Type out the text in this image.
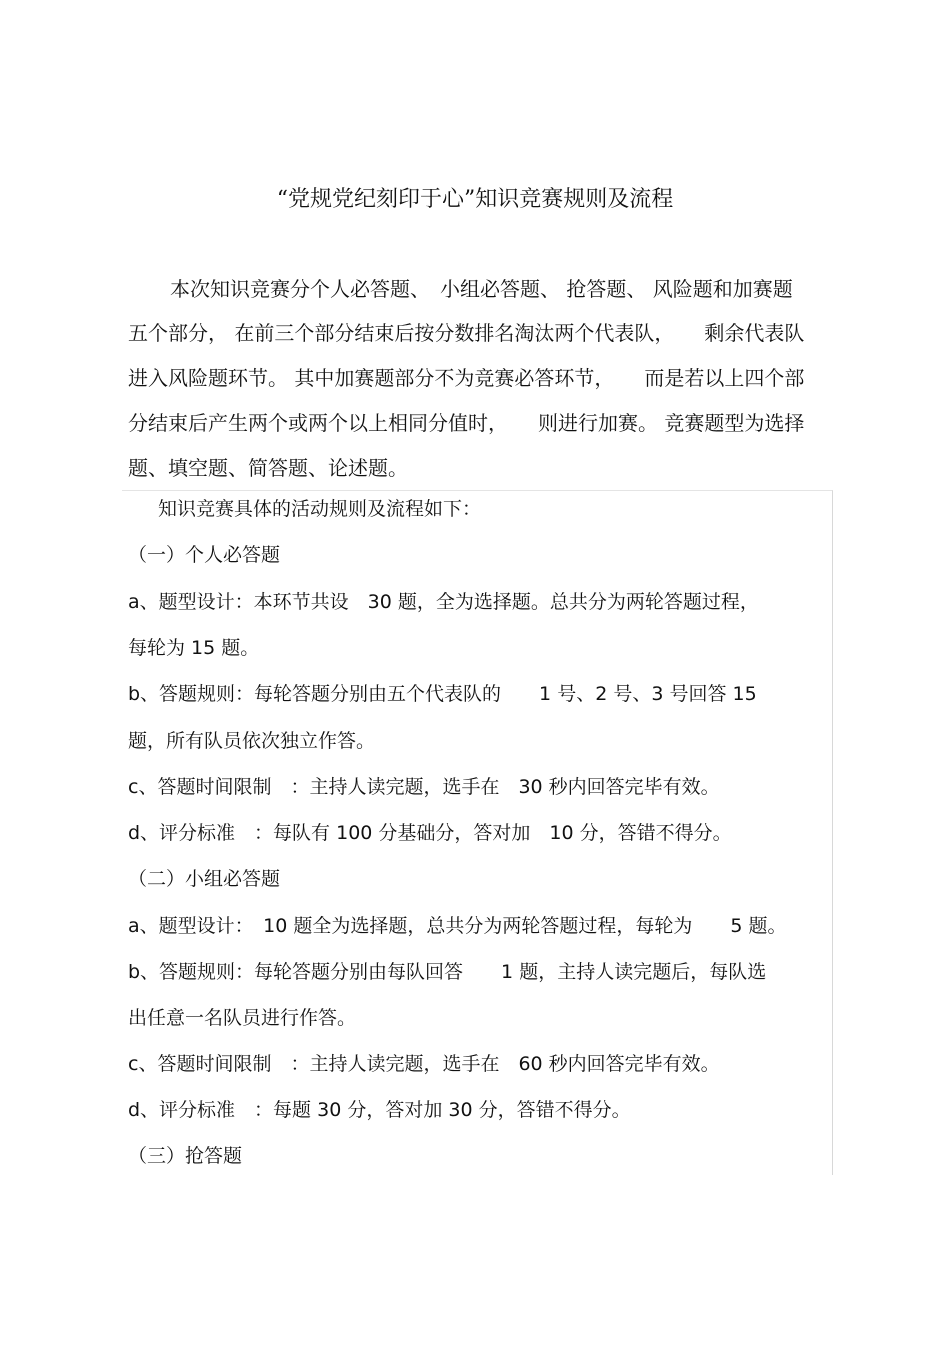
“党规党纪刻印于心”知识竞赛规则及流程
本次知识竞赛分个人必答题、　小组必答题、 抢答题、 风险题和加赛题
五个部分， 在前三个部分结束后按分数排名淘汰两个代表队，　　剩余代表队
进入风险题环节。 其中加赛题部分不为竞赛必答环节，　　而是若以上四个部
分结束后产生两个或两个以上相同分值时，　　则进行加赛。 竞赛题型为选择
题、填空题、简答题、论述题。
知识竞赛具体的活动规则及流程如下：
（一）个人必答题
a、题型设计：本环节共设　30 题，全为选择题。总共分为两轮答题过程，
每轮为 15 题。
b、答题规则：每轮答题分别由五个代表队的　　1 号、2 号、3 号回答 15
题，所有队员依次独立作答。
c、答题时间限制　：主持人读完题，选手在　30 秒内回答完毕有效。
d、评分标准　：每队有 100 分基础分，答对加　10 分，答错不得分。
（二）小组必答题
a、题型设计：　10 题全为选择题，总共分为两轮答题过程，每轮为　　5 题。
b、答题规则：每轮答题分别由每队回答　　1 题，主持人读完题后，每队选
出任意一名队员进行作答。
c、答题时间限制　：主持人读完题，选手在　60 秒内回答完毕有效。
d、评分标准　：每题 30 分，答对加 30 分，答错不得分。
（三）抢答题
